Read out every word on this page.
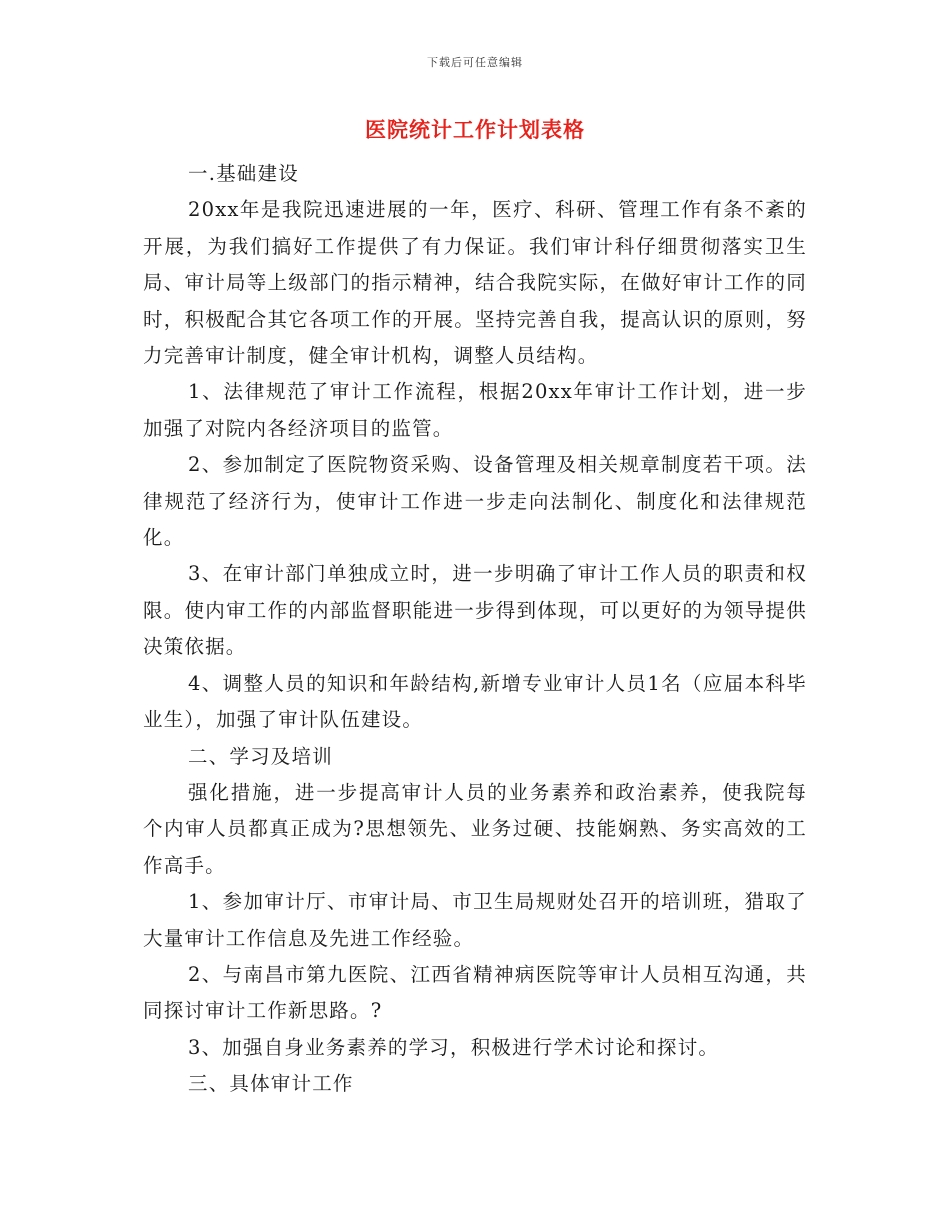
下载后可任意编辑
医院统计工作计划表格

一.基础建设

20xx年是我院迅速进展的一年，医疗、科研、管理工作有条不紊的开展，为我们搞好工作提供了有力保证。我们审计科仔细贯彻落实卫生局、审计局等上级部门的指示精神，结合我院实际，在做好审计工作的同时，积极配合其它各项工作的开展。坚持完善自我，提高认识的原则，努力完善审计制度，健全审计机构，调整人员结构。

1、法律规范了审计工作流程，根据20xx年审计工作计划，进一步加强了对院内各经济项目的监管。

2、参加制定了医院物资采购、设备管理及相关规章制度若干项。法律规范了经济行为，使审计工作进一步走向法制化、制度化和法律规范化。

3、在审计部门单独成立时，进一步明确了审计工作人员的职责和权限。使内审工作的内部监督职能进一步得到体现，可以更好的为领导提供决策依据。

4、调整人员的知识和年龄结构,新增专业审计人员1名（应届本科毕业生），加强了审计队伍建设。

二、学习及培训

强化措施，进一步提高审计人员的业务素养和政治素养，使我院每个内审人员都真正成为?思想领先、业务过硬、技能娴熟、务实高效的工作高手。

1、参加审计厅、市审计局、市卫生局规财处召开的培训班，猎取了大量审计工作信息及先进工作经验。

2、与南昌市第九医院、江西省精神病医院等审计人员相互沟通，共同探讨审计工作新思路。?

3、加强自身业务素养的学习，积极进行学术讨论和探讨。

三、具体审计工作
